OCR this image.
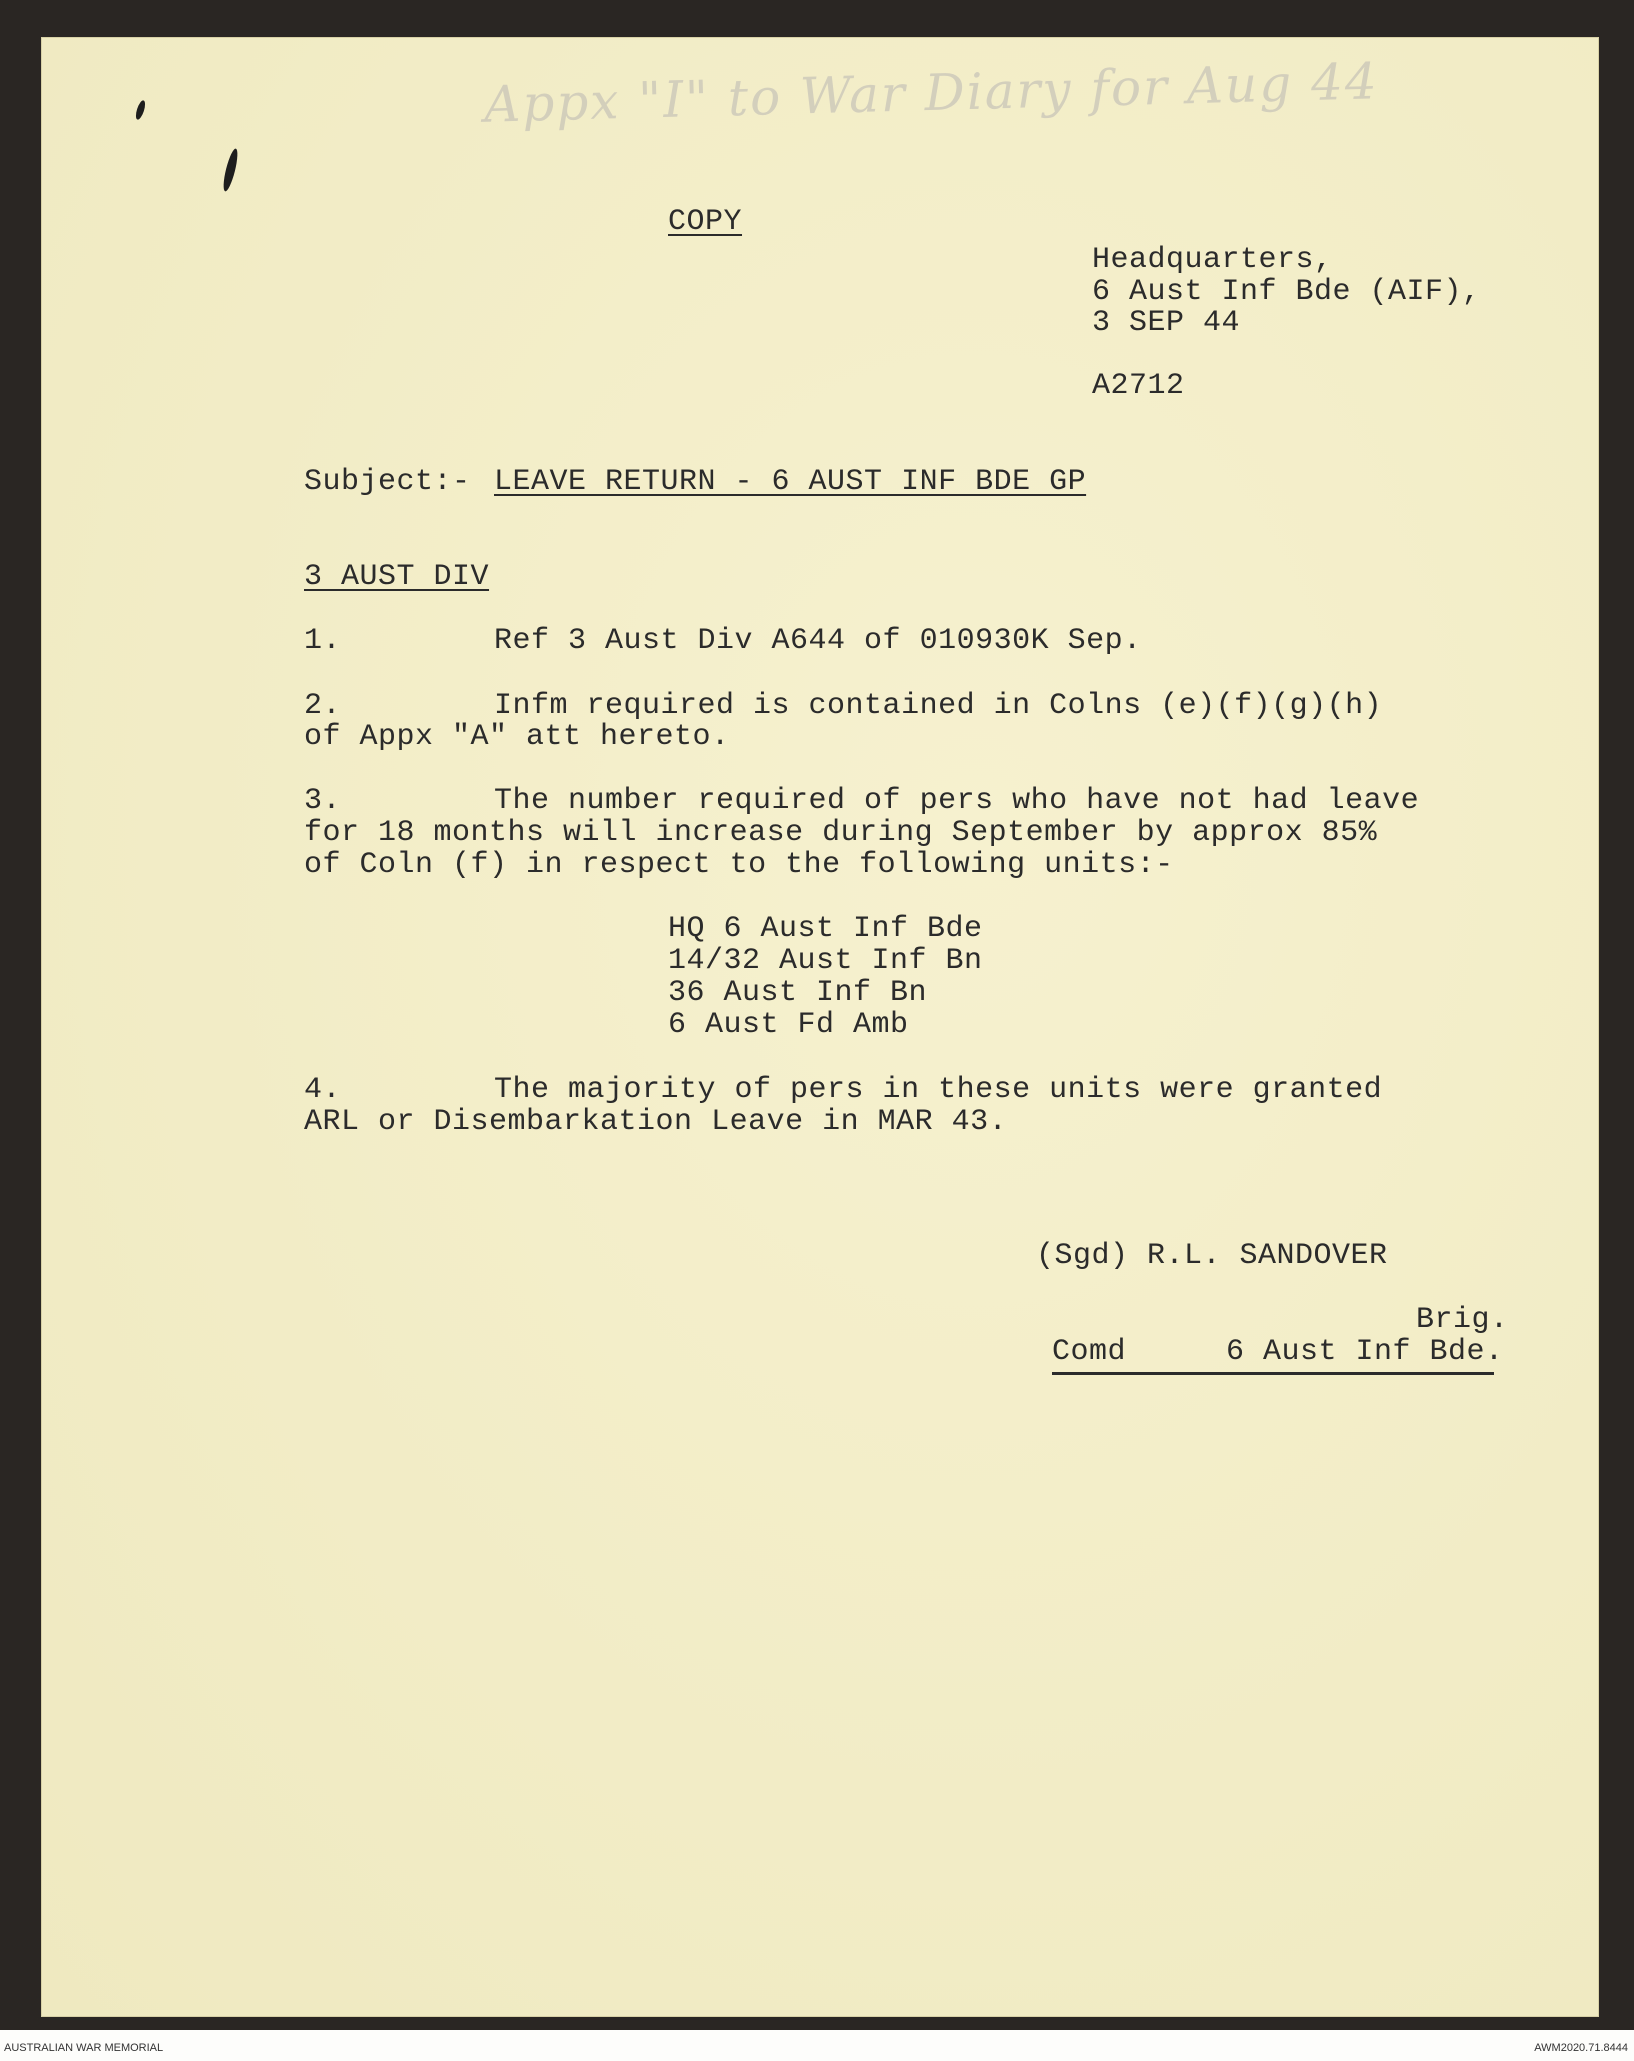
Appx "I" to War Diary for Aug 44
COPY
Headquarters,
6 Aust Inf Bde (AIF),
3 SEP 44
A2712
Subject:- LEAVE RETURN - 6 AUST INF BDE GP
3 AUST DIV
1.	Ref 3 Aust Div A644 of 010930K Sep.
2.	Infm required is contained in Colns (e)(f)(g)(h)
of Appx "A" att hereto.
3.	The number required of pers who have not had leave
for 18 months will increase during September by approx 85%
of Coln (f) in respect to the following units:-
HQ 6 Aust Inf Bde
14/32 Aust Inf Bn
36 Aust Inf Bn
6 Aust Fd Amb
4.	The majority of pers in these units were granted
ARL or Disembarkation Leave in MAR 43.
(Sgd) R.L. SANDOVER
Brig.
Comd	6 Aust Inf Bde.
AUSTRALIAN WAR MEMORIAL	AWM2020.71.8444
